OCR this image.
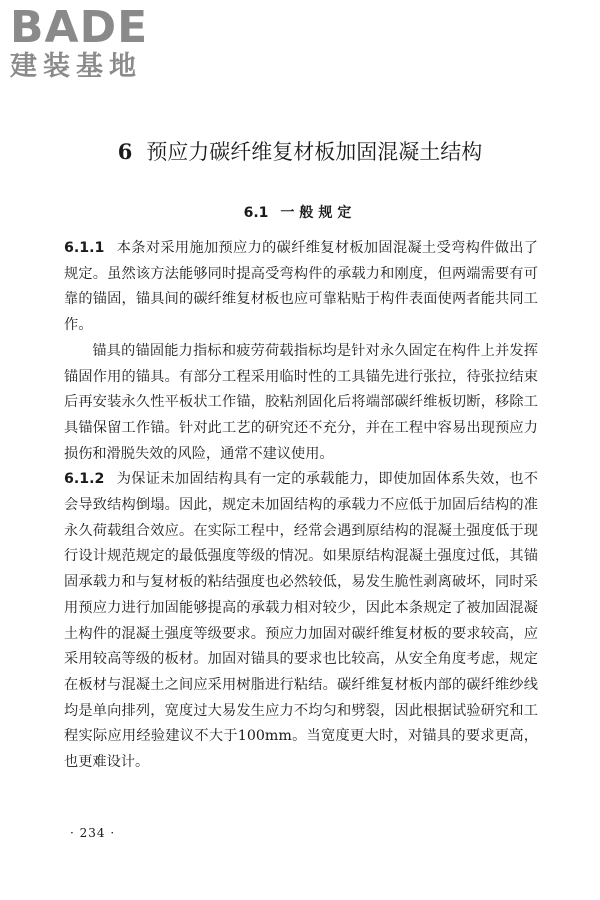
BADE
建装基地
6 预应力碳纤维复材板加固混凝土结构
6.1 一般规定

6.1.1 本条对采用施加预应力的碳纤维复材板加固混凝土受弯构件做出了规定。虽然该方法能够同时提高受弯构件的承载力和刚度，但两端需要有可靠的锚固，锚具间的碳纤维复材板也应可靠粘贴于构件表面使两者能共同工作。

锚具的锚固能力指标和疲劳荷载指标均是针对永久固定在构件上并发挥锚固作用的锚具。有部分工程采用临时性的工具锚先进行张拉，待张拉结束后再安装永久性平板状工作锚，胶粘剂固化后将端部碳纤维板切断，移除工具锚保留工作锚。针对此工艺的研究还不充分，并在工程中容易出现预应力损伤和滑脱失效的风险，通常不建议使用。

6.1.2 为保证未加固结构具有一定的承载能力，即使加固体系失效，也不会导致结构倒塌。因此，规定未加固结构的承载力不应低于加固后结构的准永久荷载组合效应。在实际工程中，经常会遇到原结构的混凝土强度低于现行设计规范规定的最低强度等级的情况。如果原结构混凝土强度过低，其锚固承载力和与复材板的粘结强度也必然较低，易发生脆性剥离破坏，同时采用预应力进行加固能够提高的承载力相对较少，因此本条规定了被加固混凝土构件的混凝土强度等级要求。预应力加固对碳纤维复材板的要求较高，应采用较高等级的板材。加固对锚具的要求也比较高，从安全角度考虑，规定在板材与混凝土之间应采用树脂进行粘结。碳纤维复材板内部的碳纤维纱线均是单向排列，宽度过大易发生应力不均匀和劈裂，因此根据试验研究和工程实际应用经验建议不大于100mm。当宽度更大时，对锚具的要求更高，也更难设计。

· 234 ·
